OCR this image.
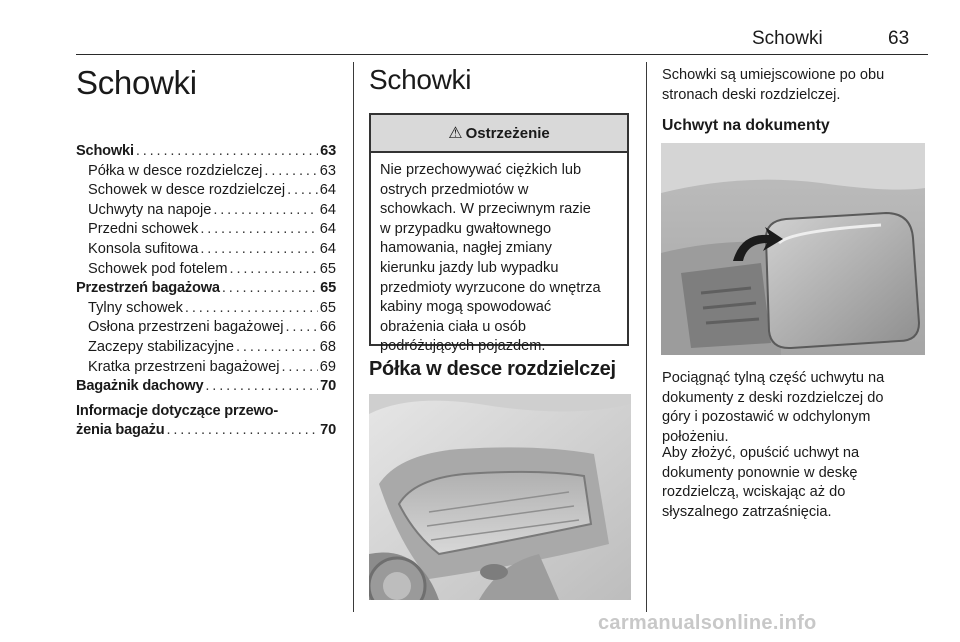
Schowki	63
Schowki
Schowki . . .	63
Półka w desce rozdzielczej . . .	63
Schowek w desce rozdzielczej . . . 64
Uchwyty na napoje . . .	64
Przedni schowek . . .	64
Konsola sufitowa . . .	64
Schowek pod fotelem . . .	65
Przestrzeń bagażowa . . .	65
Tylny schowek . . .	65
Osłona przestrzeni bagażowej . . . 66
Zaczepy stabilizacyjne . . .	68
Kratka przestrzeni bagażowej . . .	69
Bagażnik dachowy . . .	70
Informacje dotyczące przewo-
żenia bagażu . . .	70
Schowki
⚠ Ostrzeżenie
Nie przechowywać ciężkich lub
ostrych przedmiotów w
schowkach. W przeciwnym razie
w przypadku gwałtownego
hamowania, nagłej zmiany
kierunku jazdy lub wypadku
przedmioty wyrzucone do wnętrza
kabiny mogą spowodować
obrażenia ciała u osób
podróżujących pojazdem.
Półka w desce rozdzielczej
Schowki są umiejscowione po obu
stronach deski rozdzielczej.
Uchwyt na dokumenty
Pociągnąć tylną część uchwytu na
dokumenty z deski rozdzielczej do
góry i pozostawić w odchylonym
położeniu.
Aby złożyć, opuścić uchwyt na
dokumenty ponownie w deskę
rozdzielczą, wciskając aż do
słyszalnego zatrzaśnięcia.
carmanualsonline.info
